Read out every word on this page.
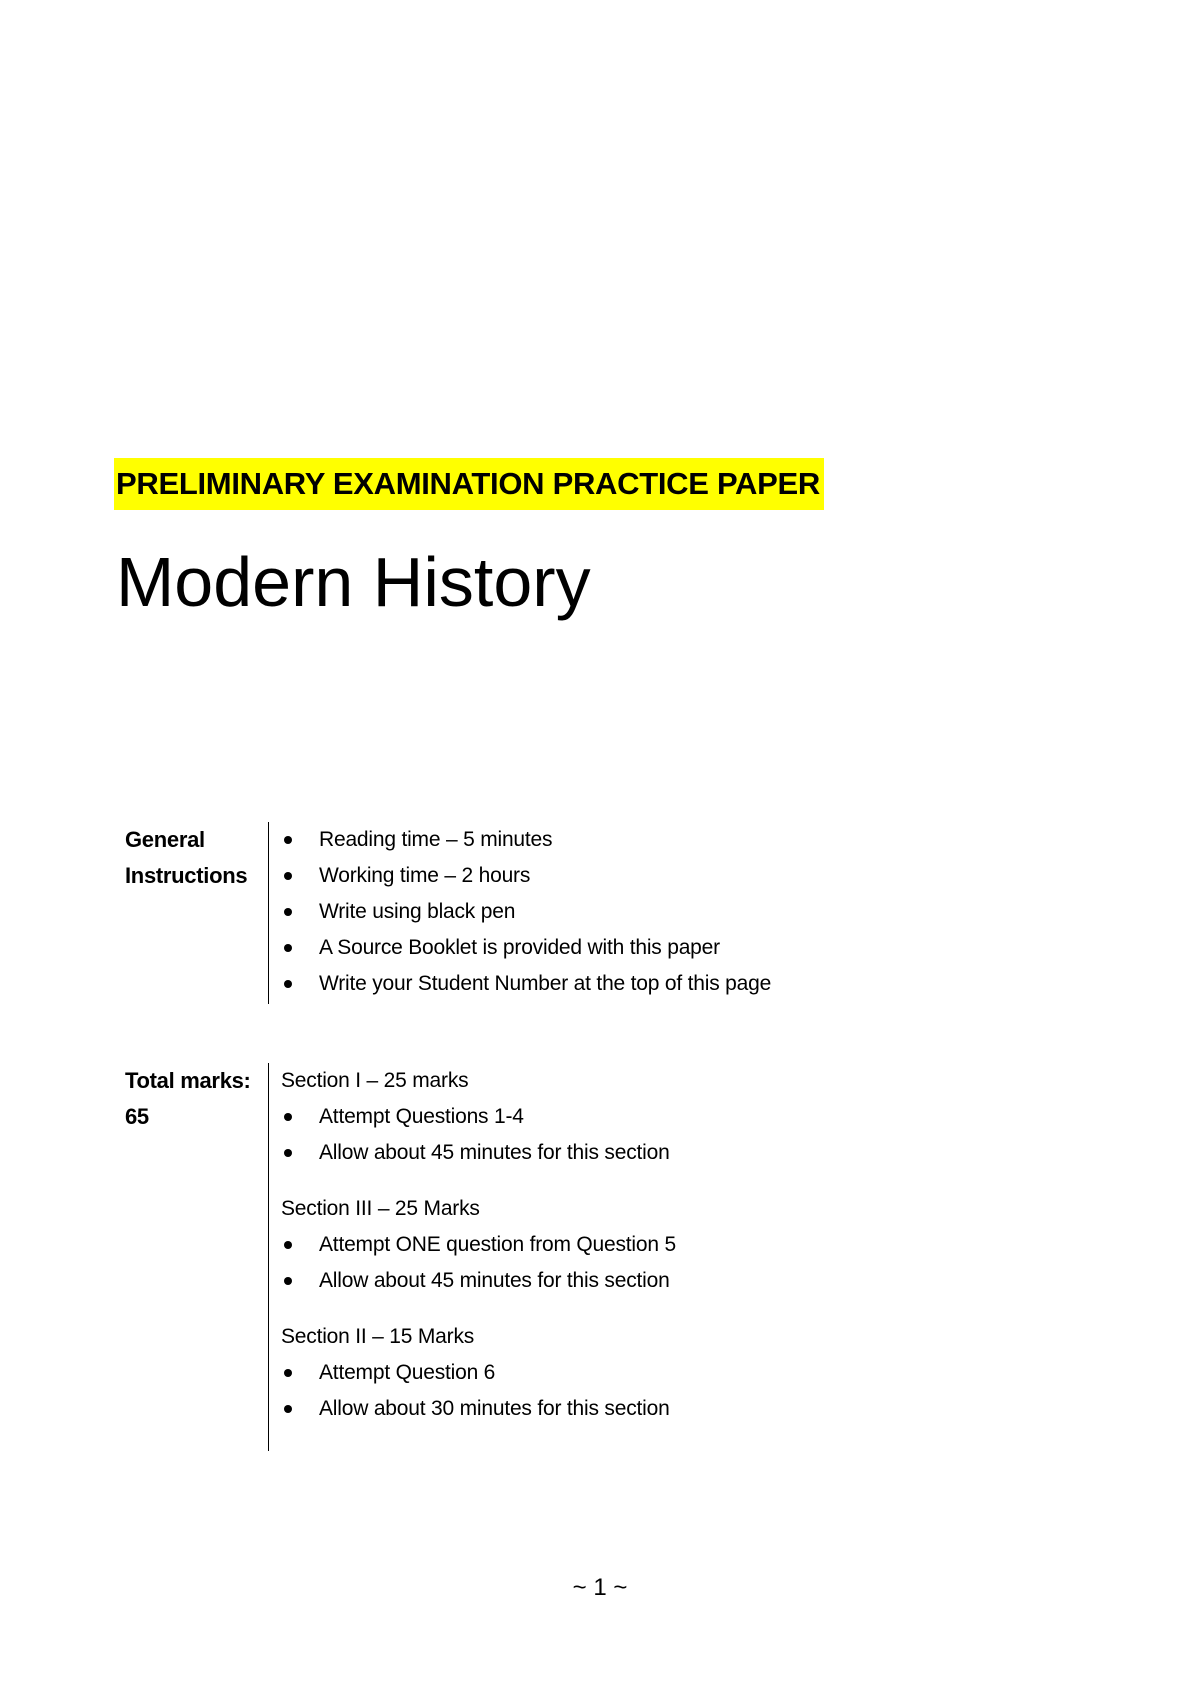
PRELIMINARY EXAMINATION PRACTICE PAPER
Modern History
General
Instructions
Reading time – 5 minutes
Working time – 2 hours
Write using black pen
A Source Booklet is provided with this paper
Write your Student Number at the top of this page
Total marks:
65
Section I – 25 marks
Attempt Questions 1-4
Allow about 45 minutes for this section
Section III – 25 Marks
Attempt ONE question from Question 5
Allow about 45 minutes for this section
Section II – 15 Marks
Attempt Question 6
Allow about 30 minutes for this section
~ 1 ~
